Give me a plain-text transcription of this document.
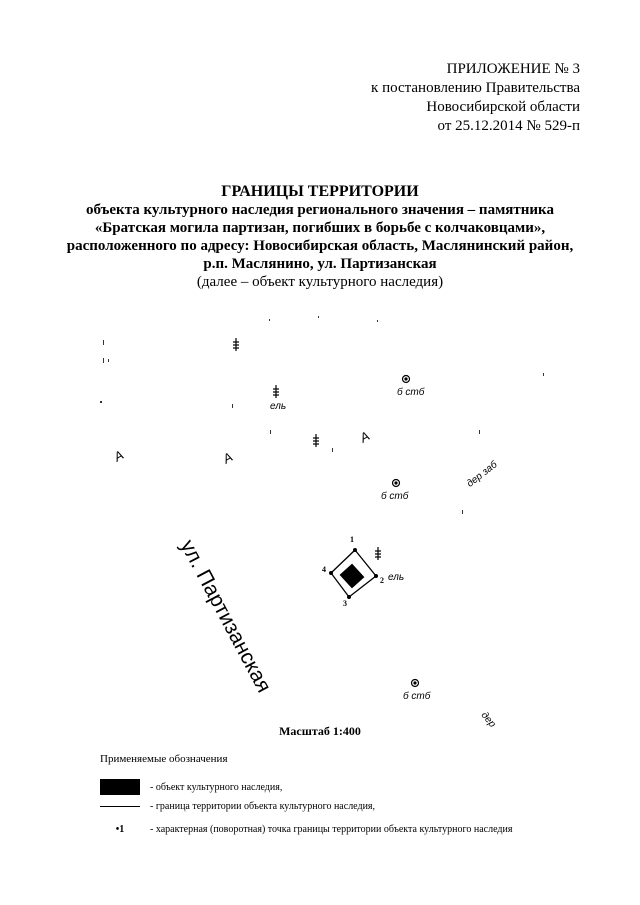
ПРИЛОЖЕНИЕ № 3
к постановлению Правительства
Новосибирской области
от 25.12.2014 № 529-п
ГРАНИЦЫ ТЕРРИТОРИИ
объекта культурного наследия регионального значения – памятника
«Братская могила партизан, погибших в борьбе с колчаковцами»,
расположенного по адресу: Новосибирская область, Маслянинский район,
р.п. Маслянино, ул. Партизанская
(далее – объект культурного наследия)
A	A
A
ель
ель
б стб
б стб
б стб
дер заб
дер
1
2
3
4
ул. Партизанская
Масштаб 1:400
Применяемые обозначения
- объект культурного наследия,
- граница территории объекта культурного наследия,
•1	- характерная (поворотная) точка границы территории объекта культурного наследия
